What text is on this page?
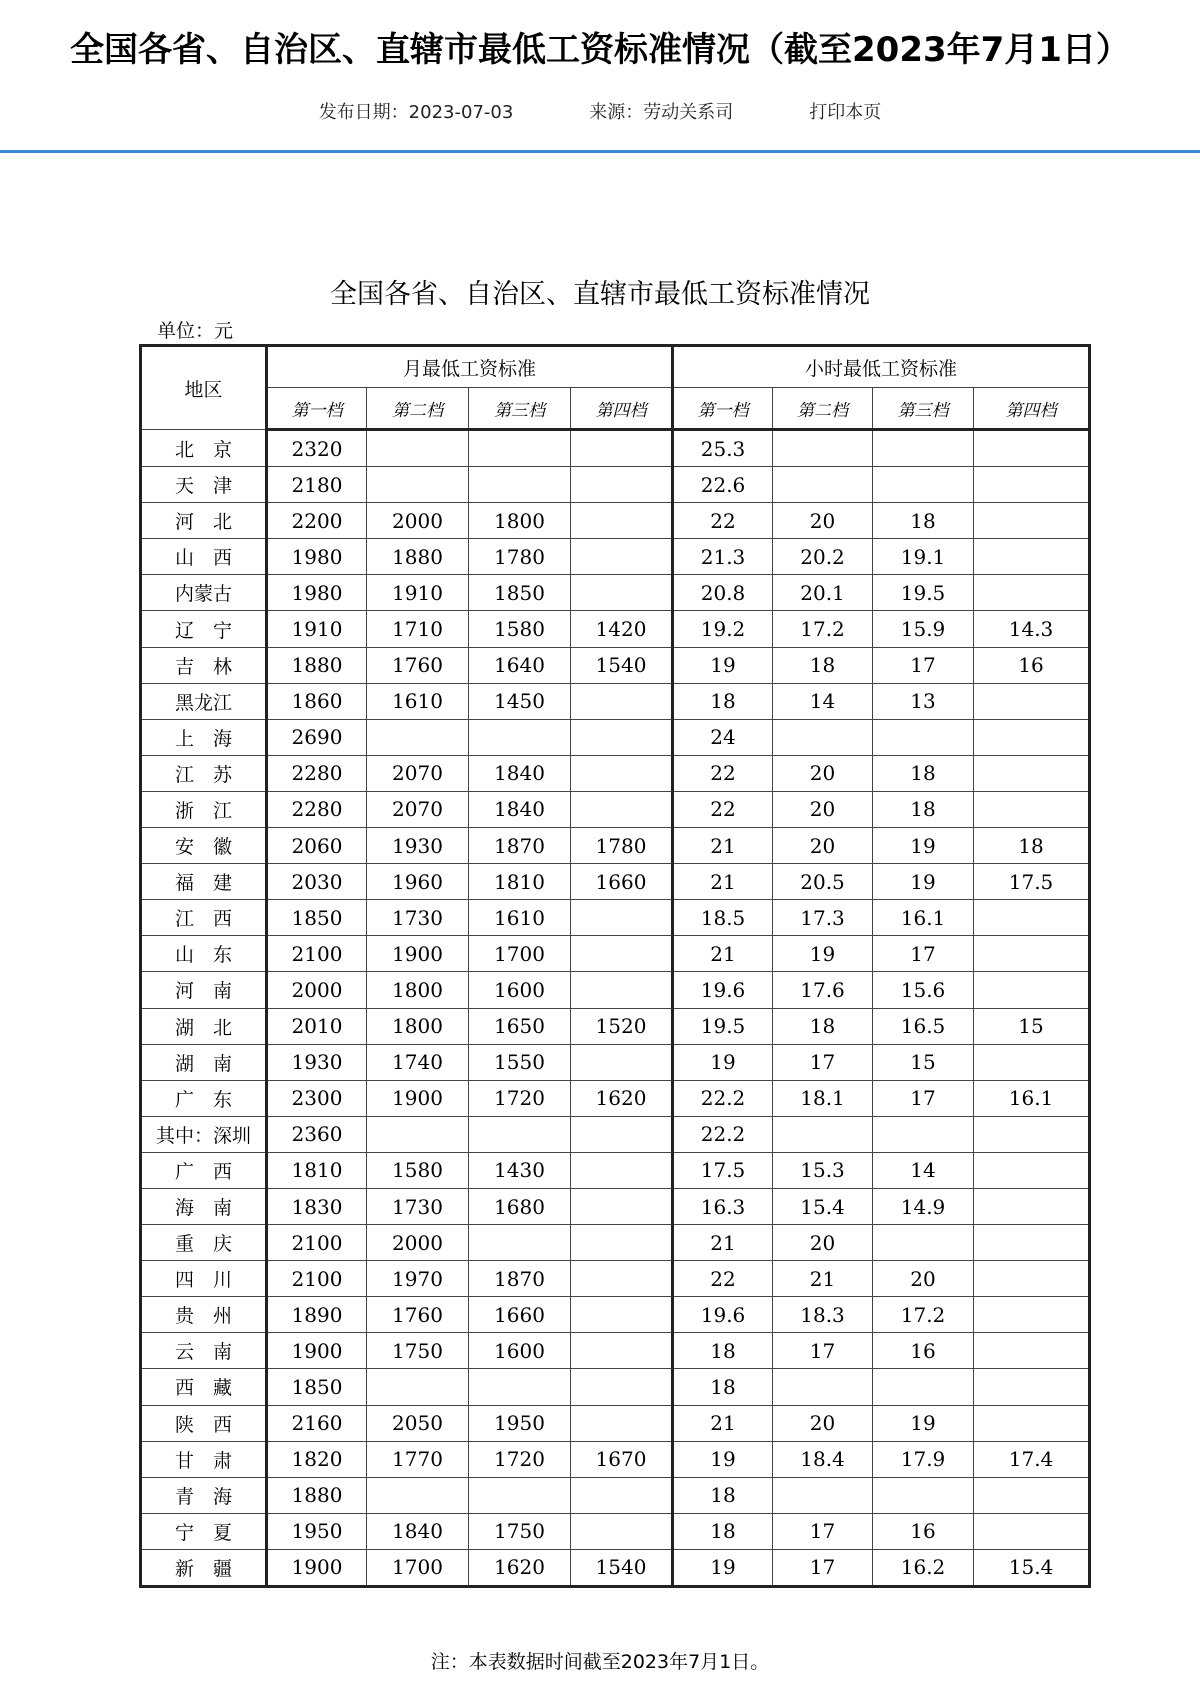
全国各省、自治区、直辖市最低工资标准情况（截至2023年7月1日）
发布日期：2023-07-03	来源：劳动关系司	打印本页
全国各省、自治区、直辖市最低工资标准情况
单位：元
地区	月最低工资标准				小时最低工资标准			
	第一档	第二档	第三档	第四档	第一档	第二档	第三档	第四档
北　京	2320				25.3			
天　津	2180				22.6			
河　北	2200	2000	1800		22	20	18	
山　西	1980	1880	1780		21.3	20.2	19.1	
内蒙古	1980	1910	1850		20.8	20.1	19.5	
辽　宁	1910	1710	1580	1420	19.2	17.2	15.9	14.3
吉　林	1880	1760	1640	1540	19	18	17	16
黑龙江	1860	1610	1450		18	14	13	
上　海	2690				24			
江　苏	2280	2070	1840		22	20	18	
浙　江	2280	2070	1840		22	20	18	
安　徽	2060	1930	1870	1780	21	20	19	18
福　建	2030	1960	1810	1660	21	20.5	19	17.5
江　西	1850	1730	1610		18.5	17.3	16.1	
山　东	2100	1900	1700		21	19	17	
河　南	2000	1800	1600		19.6	17.6	15.6	
湖　北	2010	1800	1650	1520	19.5	18	16.5	15
湖　南	1930	1740	1550		19	17	15	
广　东	2300	1900	1720	1620	22.2	18.1	17	16.1
其中：深圳	2360				22.2			
广　西	1810	1580	1430		17.5	15.3	14	
海　南	1830	1730	1680		16.3	15.4	14.9	
重　庆	2100	2000			21	20		
四　川	2100	1970	1870		22	21	20	
贵　州	1890	1760	1660		19.6	18.3	17.2	
云　南	1900	1750	1600		18	17	16	
西　藏	1850				18			
陕　西	2160	2050	1950		21	20	19	
甘　肃	1820	1770	1720	1670	19	18.4	17.9	17.4
青　海	1880				18			
宁　夏	1950	1840	1750		18	17	16	
新　疆	1900	1700	1620	1540	19	17	16.2	15.4
注：本表数据时间截至2023年7月1日。
